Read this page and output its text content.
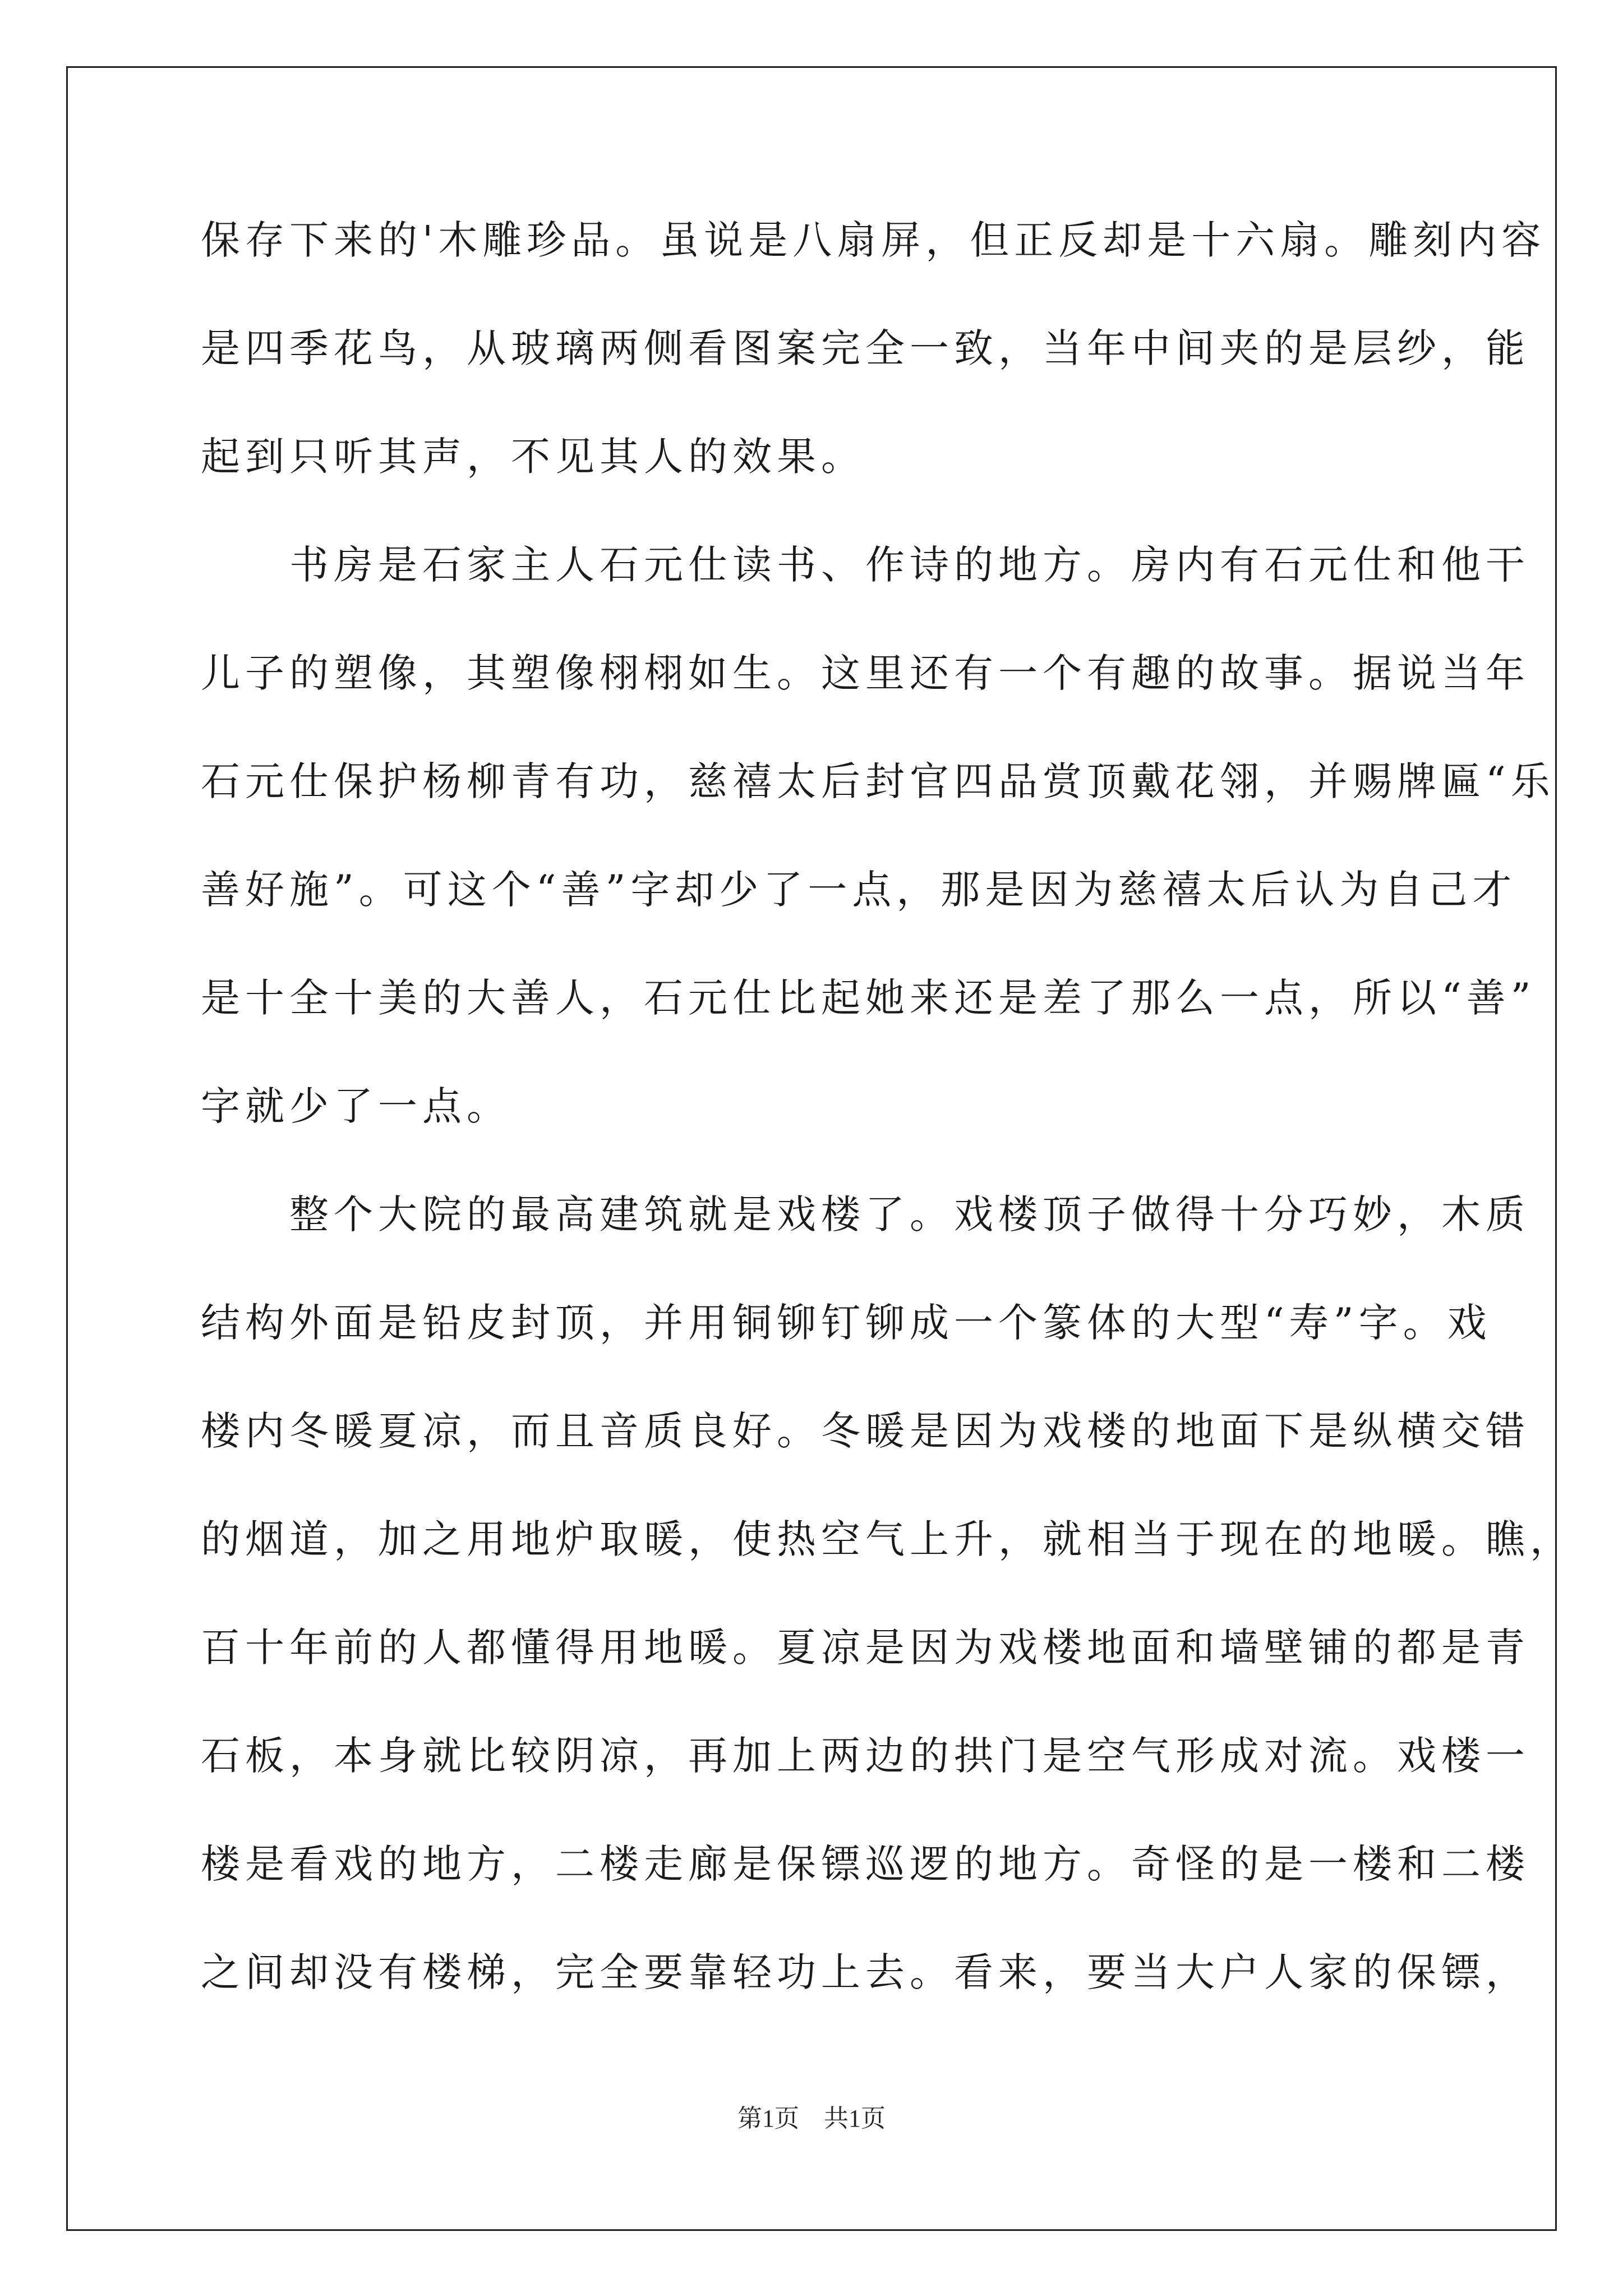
保存下来的'木雕珍品。虽说是八扇屏，但正反却是十六扇。雕刻内容
是四季花鸟，从玻璃两侧看图案完全一致，当年中间夹的是层纱，能
起到只听其声，不见其人的效果。
　　书房是石家主人石元仕读书、作诗的地方。房内有石元仕和他干
儿子的塑像，其塑像栩栩如生。这里还有一个有趣的故事。据说当年
石元仕保护杨柳青有功，慈禧太后封官四品赏顶戴花翎，并赐牌匾“乐
善好施”。可这个“善”字却少了一点，那是因为慈禧太后认为自己才
是十全十美的大善人，石元仕比起她来还是差了那么一点，所以“善”
字就少了一点。
　　整个大院的最高建筑就是戏楼了。戏楼顶子做得十分巧妙，木质
结构外面是铅皮封顶，并用铜铆钉铆成一个篆体的大型“寿”字。戏
楼内冬暖夏凉，而且音质良好。冬暖是因为戏楼的地面下是纵横交错
的烟道，加之用地炉取暖，使热空气上升，就相当于现在的地暖。瞧，
百十年前的人都懂得用地暖。夏凉是因为戏楼地面和墙壁铺的都是青
石板，本身就比较阴凉，再加上两边的拱门是空气形成对流。戏楼一
楼是看戏的地方，二楼走廊是保镖巡逻的地方。奇怪的是一楼和二楼
之间却没有楼梯，完全要靠轻功上去。看来，要当大户人家的保镖，
第1页　共1页
